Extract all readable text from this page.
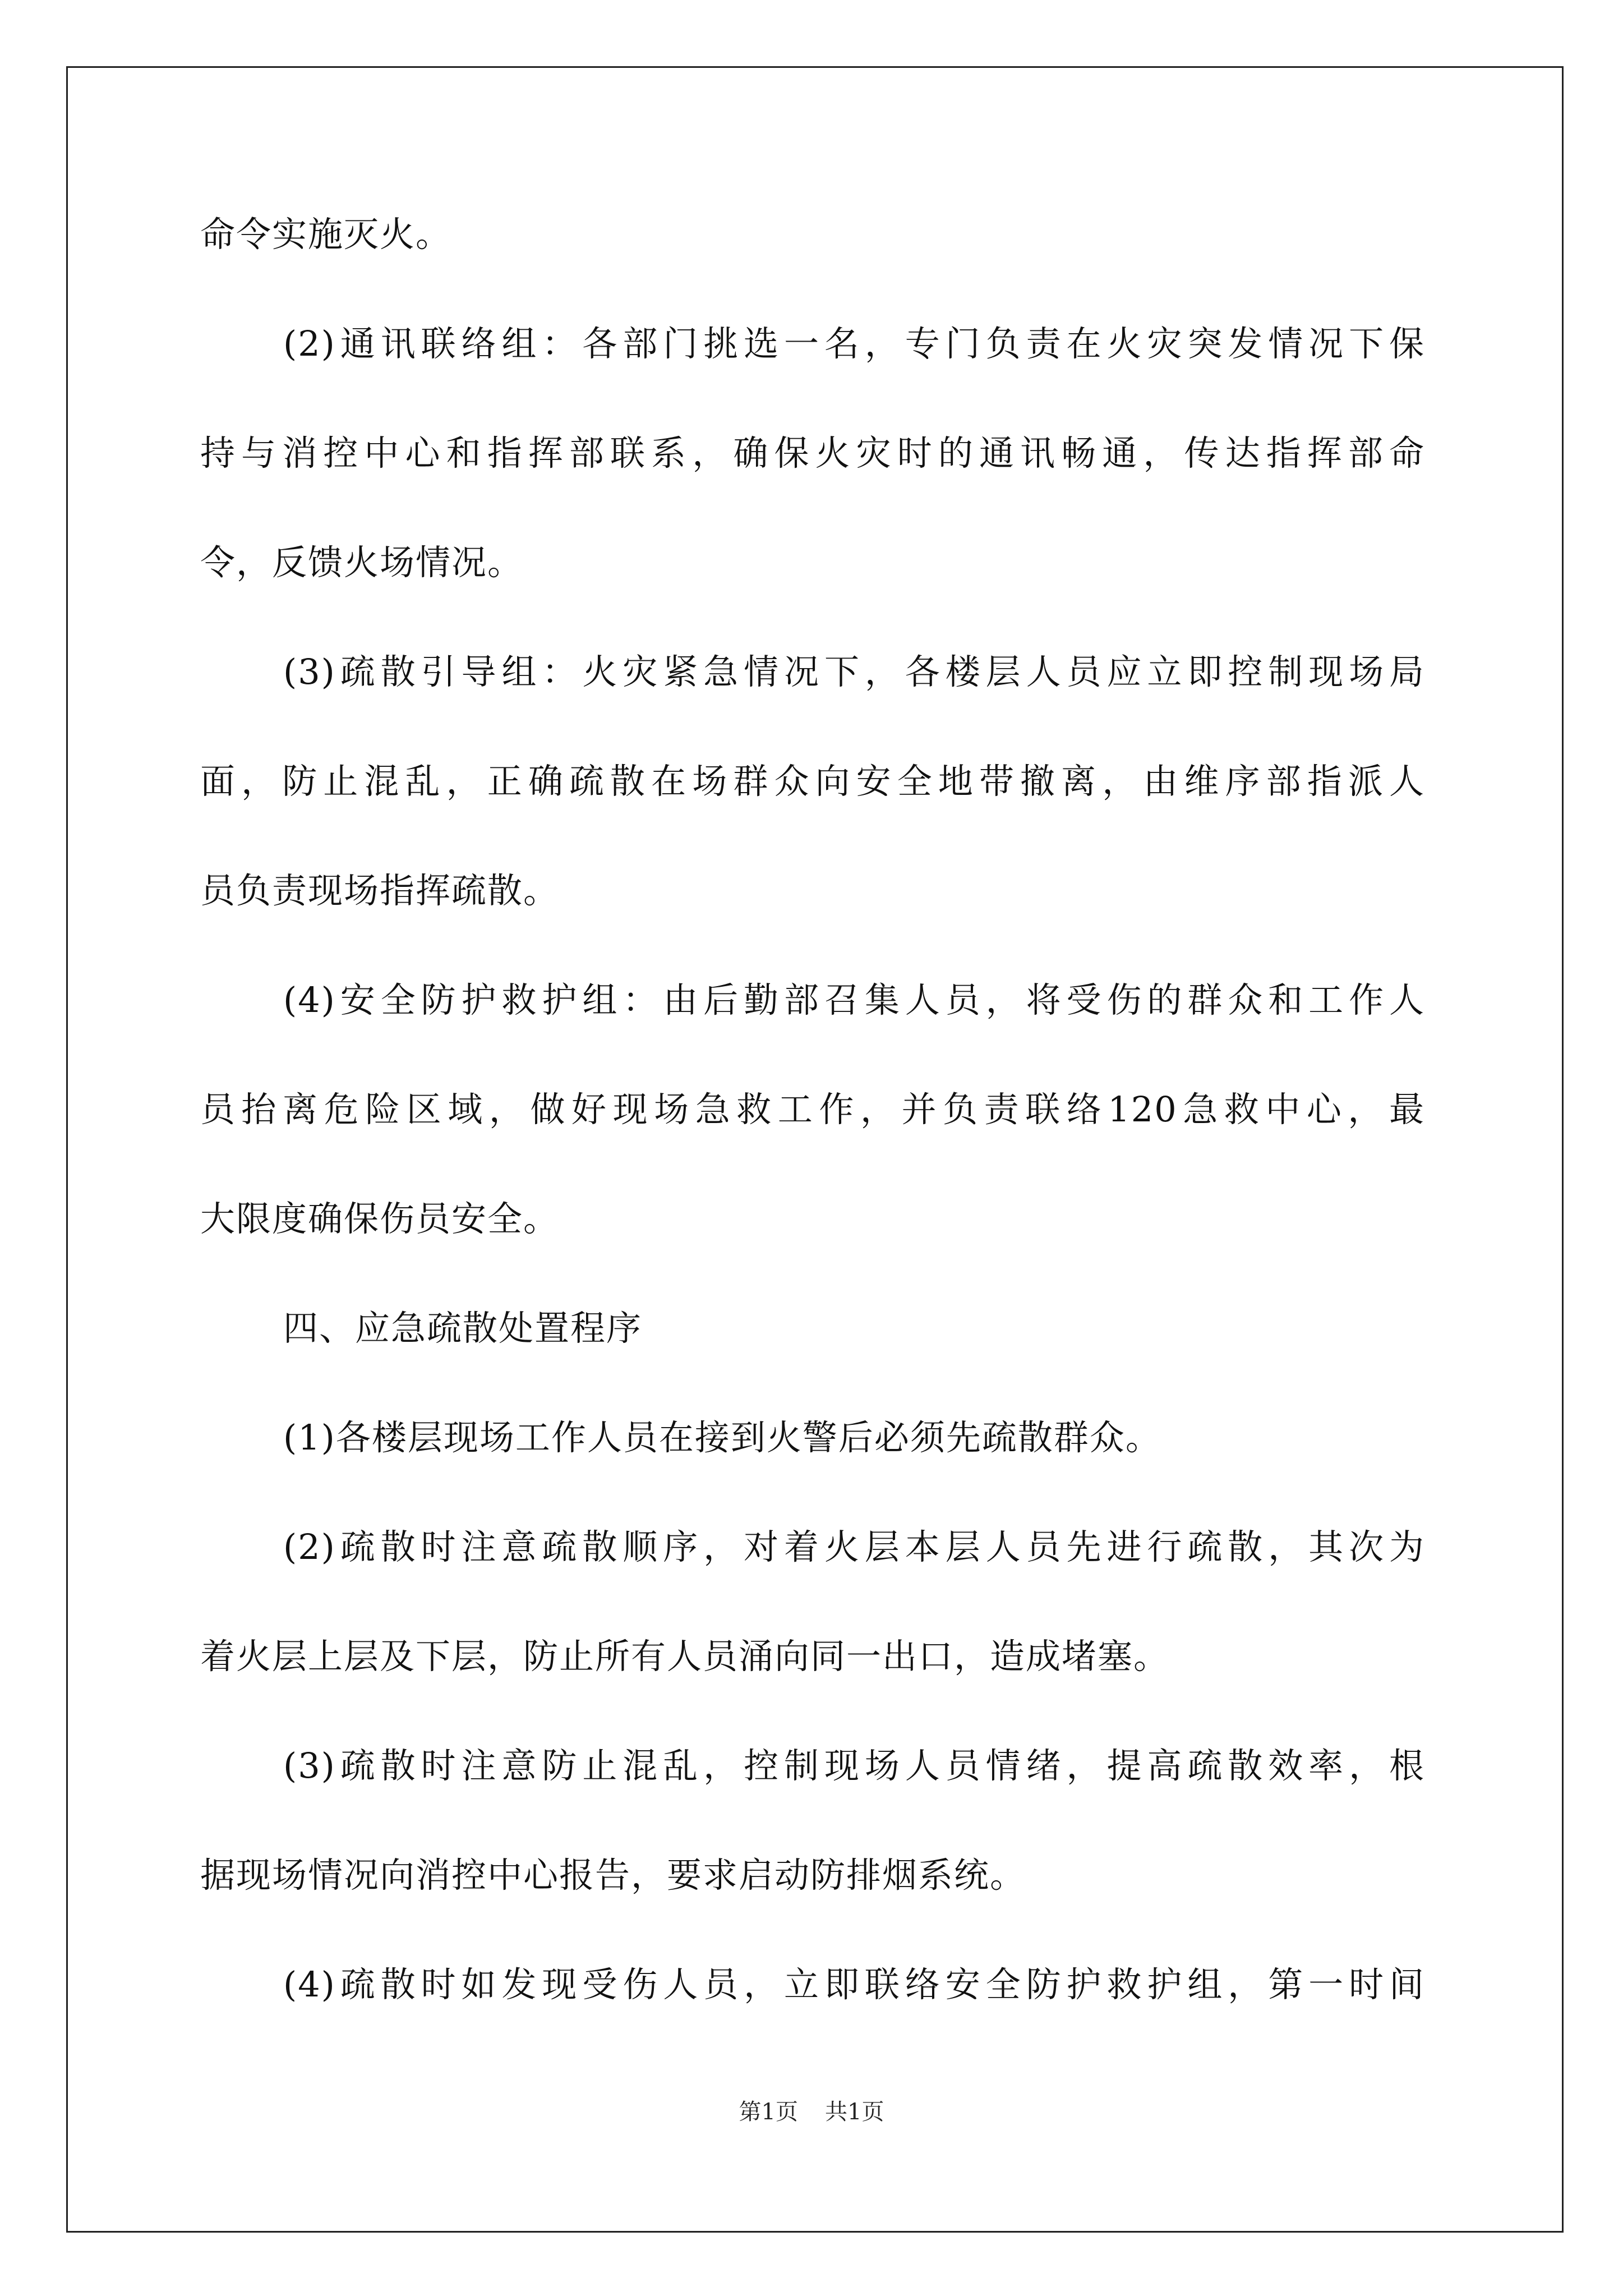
命令实施灭火。
(2)通讯联络组：各部门挑选一名，专门负责在火灾突发情况下保
持与消控中心和指挥部联系，确保火灾时的通讯畅通，传达指挥部命
令，反馈火场情况。
(3)疏散引导组：火灾紧急情况下，各楼层人员应立即控制现场局
面，防止混乱，正确疏散在场群众向安全地带撤离，由维序部指派人
员负责现场指挥疏散。
(4)安全防护救护组：由后勤部召集人员，将受伤的群众和工作人
员抬离危险区域，做好现场急救工作，并负责联络120急救中心，最
大限度确保伤员安全。
四、应急疏散处置程序
(1)各楼层现场工作人员在接到火警后必须先疏散群众。
(2)疏散时注意疏散顺序，对着火层本层人员先进行疏散，其次为
着火层上层及下层，防止所有人员涌向同一出口，造成堵塞。
(3)疏散时注意防止混乱，控制现场人员情绪，提高疏散效率，根
据现场情况向消控中心报告，要求启动防排烟系统。
(4)疏散时如发现受伤人员，立即联络安全防护救护组，第一时间
第1页 共1页
